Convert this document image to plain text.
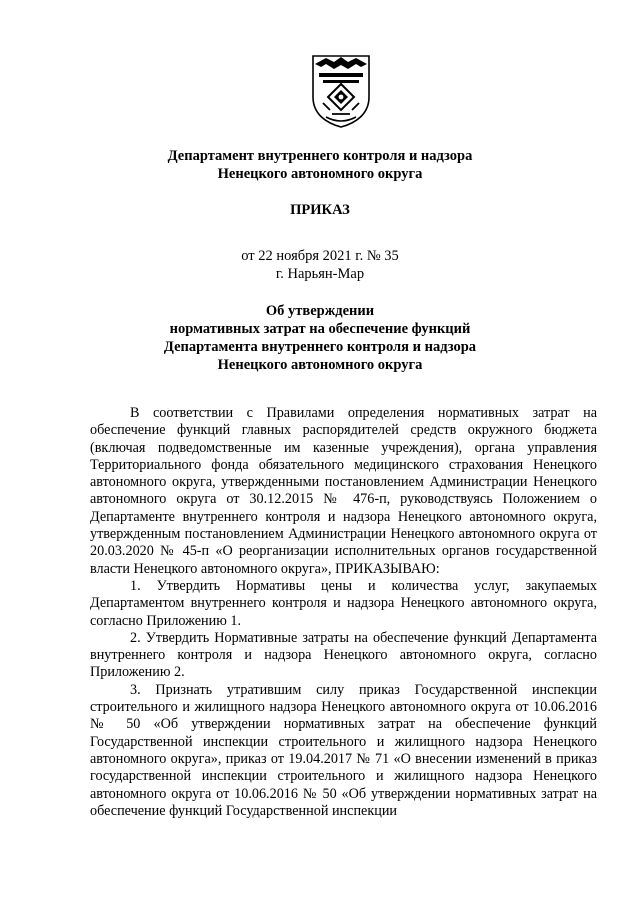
Департамент внутреннего контроля и надзора
Ненецкого автономного округа
ПРИКАЗ
от 22 ноября 2021 г. № 35
г. Нарьян-Мар
Об утверждении
нормативных затрат на обеспечение функций
Департамента внутреннего контроля и надзора
Ненецкого автономного округа

В соответствии с Правилами определения нормативных затрат на обеспечение функций главных распорядителей средств окружного бюджета (включая подведомственные им казенные учреждения), органа управления Территориального фонда обязательного медицинского страхования Ненецкого автономного округа, утвержденными постановлением Администрации Ненецкого автономного округа от 30.12.2015 № 476-п, руководствуясь Положением о Департаменте внутреннего контроля и надзора Ненецкого автономного округа, утвержденным постановлением Администрации Ненецкого автономного округа от 20.03.2020 № 45-п «О реорганизации исполнительных органов государственной власти Ненецкого автономного округа», ПРИКАЗЫВАЮ:

1. Утвердить Нормативы цены и количества услуг, закупаемых Департаментом внутреннего контроля и надзора Ненецкого автономного округа, согласно Приложению 1.

2. Утвердить Нормативные затраты на обеспечение функций Департамента внутреннего контроля и надзора Ненецкого автономного округа, согласно Приложению 2.

3. Признать утратившим силу приказ Государственной инспекции строительного и жилищного надзора Ненецкого автономного округа от 10.06.2016 № 50 «Об утверждении нормативных затрат на обеспечение функций Государственной инспекции строительного и жилищного надзора Ненецкого автономного округа», приказ от 19.04.2017 № 71 «О внесении изменений в приказ государственной инспекции строительного и жилищного надзора Ненецкого автономного округа от 10.06.2016 № 50 «Об утверждении нормативных затрат на обеспечение функций Государственной инспекции
